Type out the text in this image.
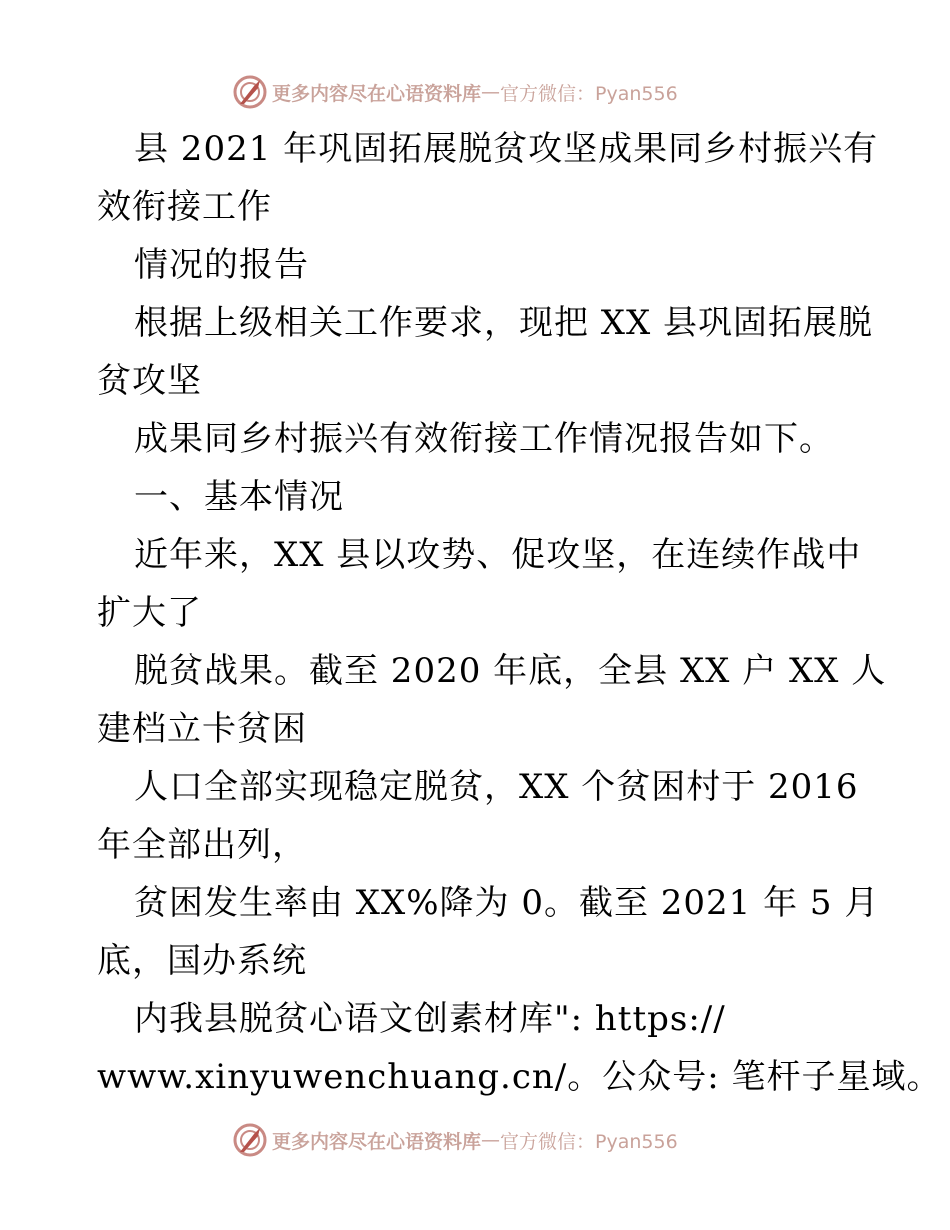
更多内容尽在心语资料库 — 官方微信：Pyan556

县 2021 年巩固拓展脱贫攻坚成果同乡村振兴有

效衔接工作

情况的报告

根据上级相关工作要求，现把 XX 县巩固拓展脱

贫攻坚

成果同乡村振兴有效衔接工作情况报告如下。

一、基本情况

近年来，XX 县以攻势、促攻坚，在连续作战中

扩大了

脱贫战果。截至 2020 年底，全县 XX 户 XX 人

建档立卡贫困

人口全部实现稳定脱贫，XX 个贫困村于 2016

年全部出列，

贫困发生率由 XX%降为 0。截至 2021 年 5 月

底，国办系统

内我县脱贫心语文创素材库": https://

www.xinyuwenchuang.cn/。公众号: 笔杆子星域。

更多内容尽在心语资料库 — 官方微信：Pyan556
